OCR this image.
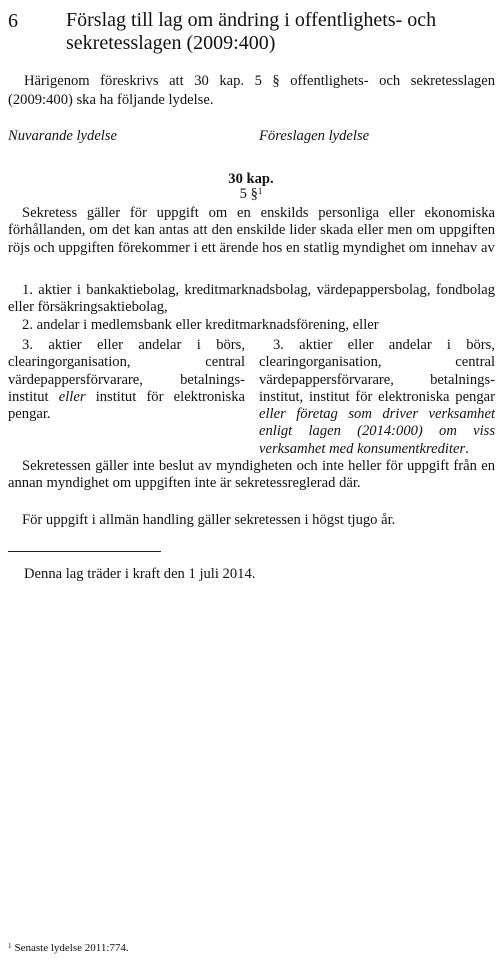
6 Förslag till lag om ändring i offentlighets- och sekretesslagen (2009:400)

Härigenom föreskrivs att 30 kap. 5 § offentlighets- och sekretesslagen (2009:400) ska ha följande lydelse.

Nuvarande lydelse	Föreslagen lydelse
30 kap.
5 §$^1$

Sekretess gäller för uppgift om en enskilds personliga eller ekonomiska förhållanden, om det kan antas att den enskilde lider skada eller men om uppgiften röjs och uppgiften förekommer i ett ärende hos en statlig myndighet om innehav av

1. aktier i bankaktiebolag, kreditmarknadsbolag, värdepappersbolag, fondbolag eller försäkringsaktiebolag,

2. andelar i medlemsbank eller kreditmarknadsförening, eller

3. aktier eller andelar i börs, clearingorganisation, central värdepappersförvarare, betalningsinstitut eller institut för elektroniska pengar.

3. aktier eller andelar i börs, clearingorganisation, central värdepappersförvarare, betalningsinstitut, institut för elektroniska pengar eller företag som driver verksamhet enligt lagen (2014:000) om viss verksamhet med konsumentkrediter.

Sekretessen gäller inte beslut av myndigheten och inte heller för uppgift från en annan myndighet om uppgiften inte är sekretessreglerad där.

För uppgift i allmän handling gäller sekretessen i högst tjugo år.

Denna lag träder i kraft den 1 juli 2014.

$^1$ Senaste lydelse 2011:774.
